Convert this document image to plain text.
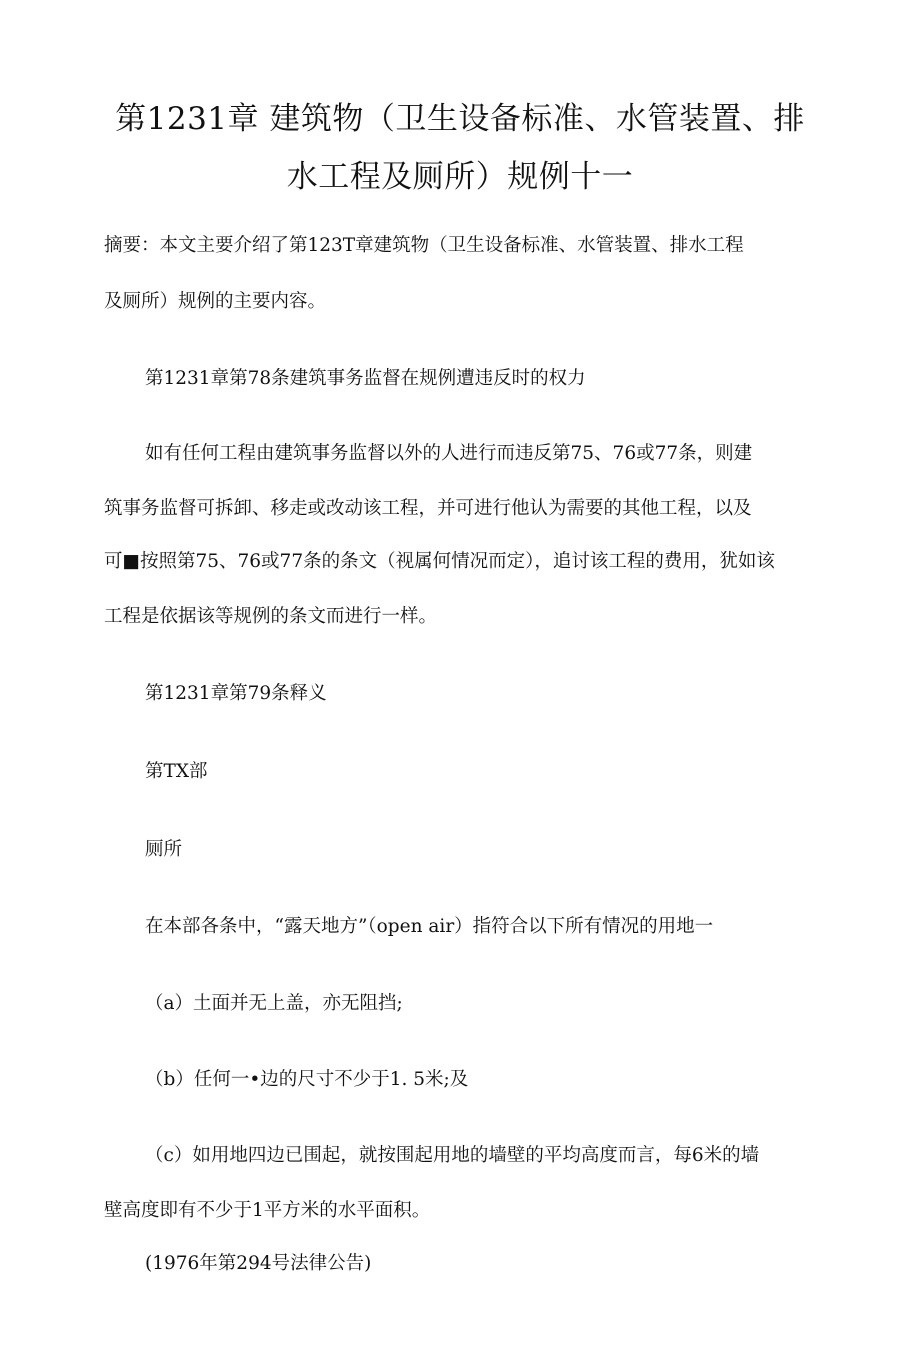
第1231章 建筑物（卫生设备标准、水管装置、排
水工程及厕所）规例十一

摘要：本文主要介绍了第123T章建筑物（卫生设备标准、水管装置、排水工程

及厕所）规例的主要内容。

第1231章第78条建筑事务监督在规例遭违反时的权力

如有任何工程由建筑事务监督以外的人进行而违反第75、76或77条，则建

筑事务监督可拆卸、移走或改动该工程，并可进行他认为需要的其他工程，以及

可■按照第75、76或77条的条文（视属何情况而定），追讨该工程的费用，犹如该

工程是依据该等规例的条文而进行一样。

第1231章第79条释义

第TX部

厕所

在本部各条中，“露天地方”（open air）指符合以下所有情况的用地一

（a）土面并无上盖，亦无阻挡;

（b）任何一•边的尺寸不少于1. 5米;及

（c）如用地四边已围起，就按围起用地的墙壁的平均高度而言，每6米的墙

壁高度即有不少于1平方米的水平面积。

(1976年第294号法律公告)
